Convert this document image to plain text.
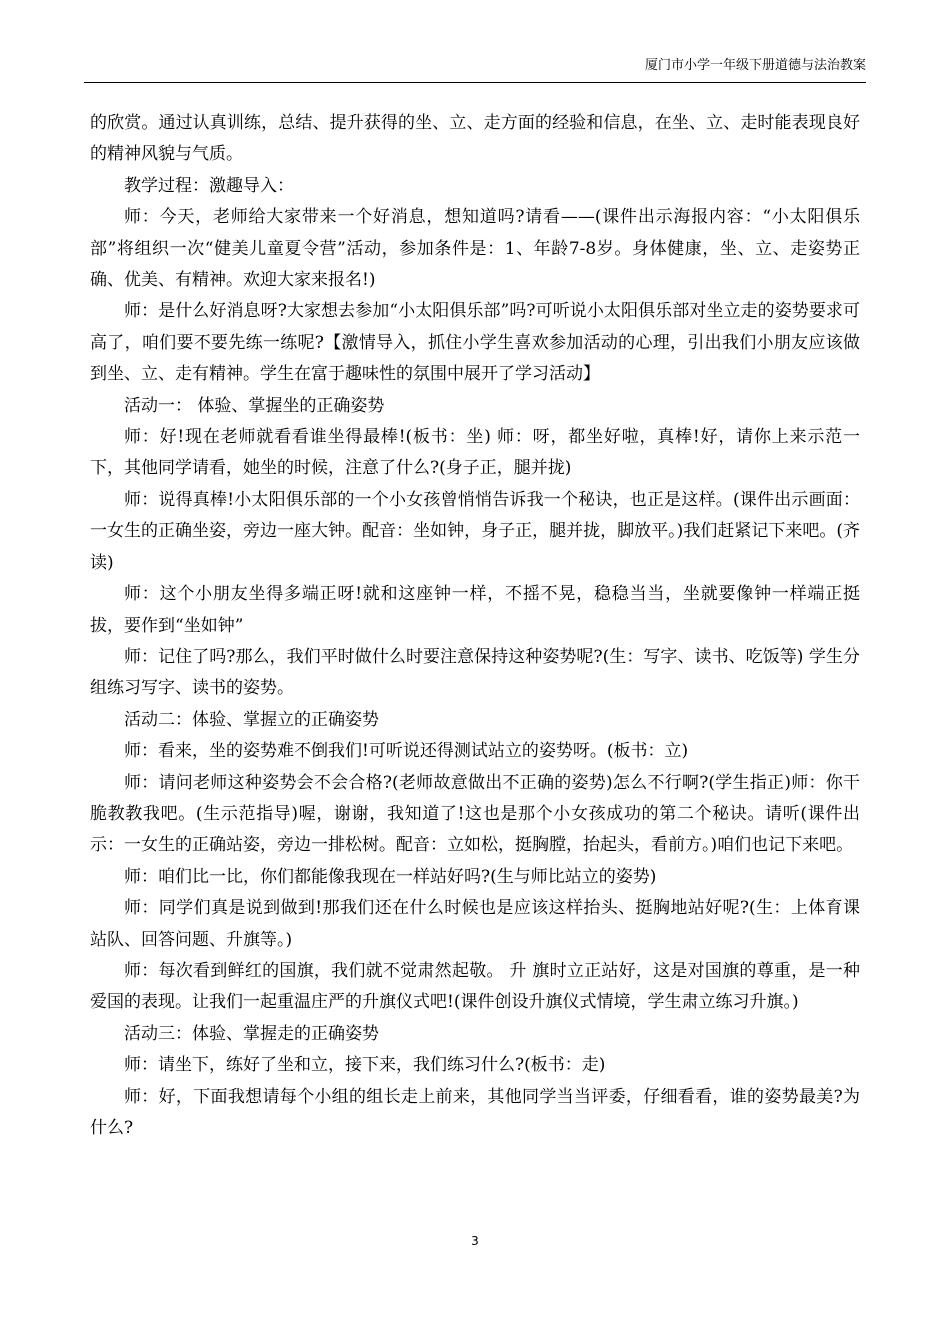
厦门市小学一年级下册道德与法治教案

的欣赏。通过认真训练，总结、提升获得的坐、立、走方面的经验和信息，在坐、立、走时能表现良好的精神风貌与气质。

教学过程：激趣导入：

师：今天，老师给大家带来一个好消息，想知道吗?请看——(课件出示海报内容：“小太阳俱乐部”将组织一次“健美儿童夏令营”活动，参加条件是：1、年龄7-8岁。身体健康，坐、立、走姿势正确、优美、有精神。欢迎大家来报名!)

师：是什么好消息呀?大家想去参加“小太阳俱乐部”吗?可听说小太阳俱乐部对坐立走的姿势要求可高了，咱们要不要先练一练呢?【激情导入，抓住小学生喜欢参加活动的心理，引出我们小朋友应该做到坐、立、走有精神。学生在富于趣味性的氛围中展开了学习活动】

活动一： 体验、掌握坐的正确姿势

师：好!现在老师就看看谁坐得最棒!(板书：坐) 师：呀，都坐好啦，真棒!好，请你上来示范一下，其他同学请看，她坐的时候，注意了什么?(身子正，腿并拢)

师：说得真棒!小太阳俱乐部的一个小女孩曾悄悄告诉我一个秘诀，也正是这样。(课件出示画面：一女生的正确坐姿，旁边一座大钟。配音：坐如钟，身子正，腿并拢，脚放平。)我们赶紧记下来吧。(齐读)

师：这个小朋友坐得多端正呀!就和这座钟一样，不摇不晃，稳稳当当，坐就要像钟一样端正挺拔，要作到“坐如钟”

师：记住了吗?那么，我们平时做什么时要注意保持这种姿势呢?(生：写字、读书、吃饭等) 学生分组练习写字、读书的姿势。

活动二：体验、掌握立的正确姿势

师：看来，坐的姿势难不倒我们!可听说还得测试站立的姿势呀。(板书：立)

师：请问老师这种姿势会不会合格?(老师故意做出不正确的姿势)怎么不行啊?(学生指正)师：你干脆教教我吧。(生示范指导)喔，谢谢，我知道了!这也是那个小女孩成功的第二个秘诀。请听(课件出示：一女生的正确站姿，旁边一排松树。配音：立如松，挺胸膛，抬起头，看前方。)咱们也记下来吧。

师：咱们比一比，你们都能像我现在一样站好吗?(生与师比站立的姿势)

师：同学们真是说到做到!那我们还在什么时候也是应该这样抬头、挺胸地站好呢?(生：上体育课站队、回答问题、升旗等。)

师：每次看到鲜红的国旗，我们就不觉肃然起敬。 升 旗时立正站好，这是对国旗的尊重，是一种爱国的表现。让我们一起重温庄严的升旗仪式吧!(课件创设升旗仪式情境，学生肃立练习升旗。)

活动三：体验、掌握走的正确姿势

师：请坐下，练好了坐和立，接下来，我们练习什么?(板书：走)

师：好，下面我想请每个小组的组长走上前来，其他同学当当评委，仔细看看，谁的姿势最美?为什么?

3
